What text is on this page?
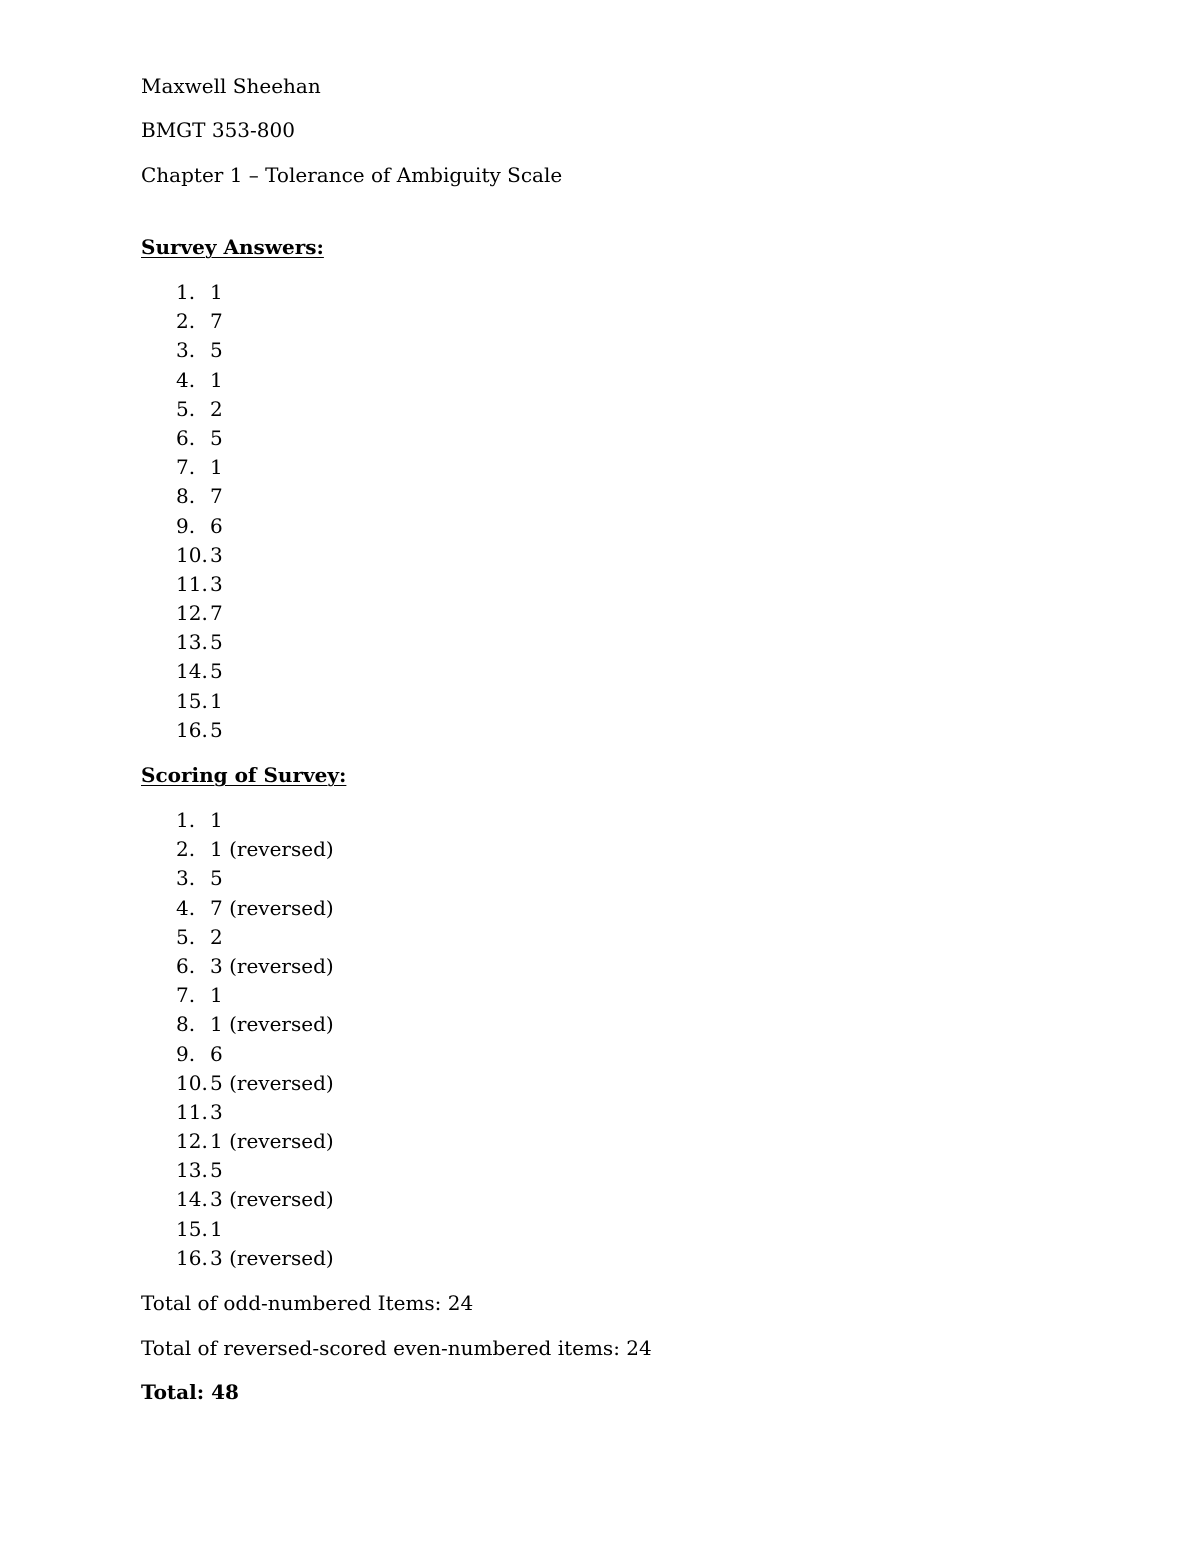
Maxwell Sheehan
BMGT 353-800
Chapter 1 – Tolerance of Ambiguity Scale
Survey Answers:
1. 1
2. 7
3. 5
4. 1
5. 2
6. 5
7. 1
8. 7
9. 6
10. 3
11. 3
12. 7
13. 5
14. 5
15. 1
16. 5
Scoring of Survey:
1. 1
2. 1 (reversed)
3. 5
4. 7 (reversed)
5. 2
6. 3 (reversed)
7. 1
8. 1 (reversed)
9. 6
10. 5 (reversed)
11. 3
12. 1 (reversed)
13. 5
14. 3 (reversed)
15. 1
16. 3 (reversed)
Total of odd-numbered Items: 24
Total of reversed-scored even-numbered items: 24
Total: 48
